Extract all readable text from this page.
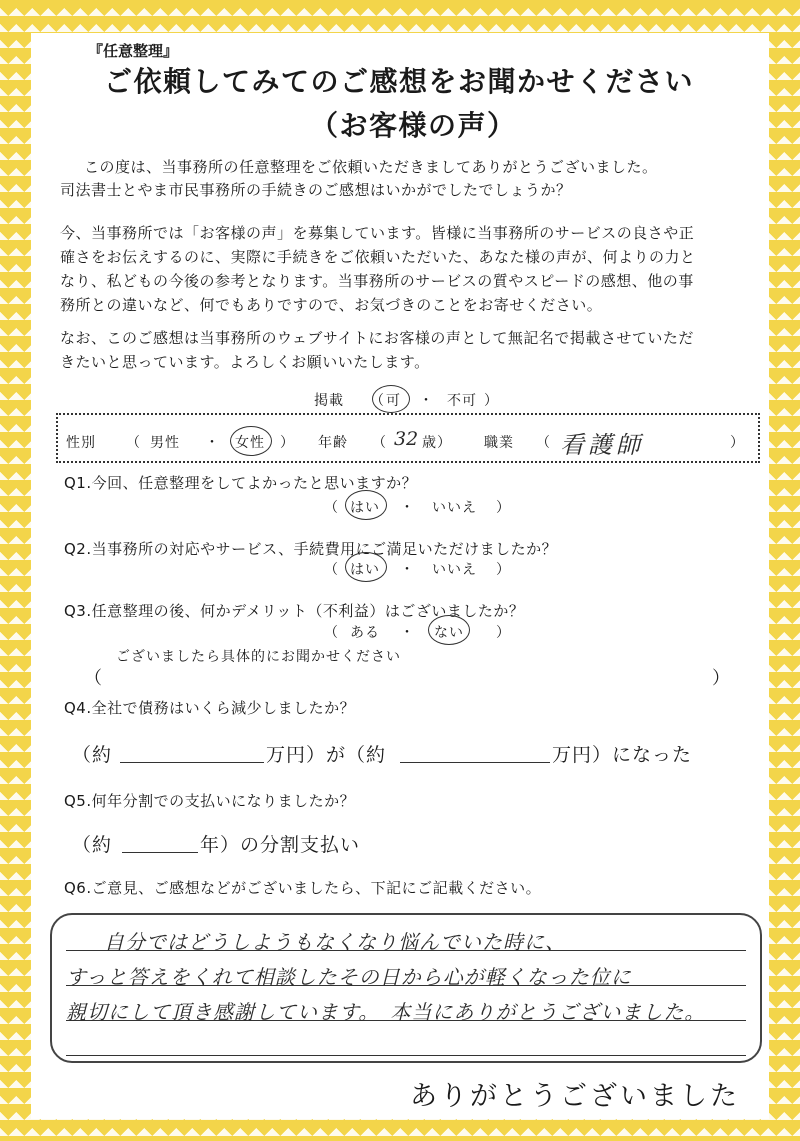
『任意整理』
ご依頼してみてのご感想をお聞かせください
（お客様の声）
この度は、当事務所の任意整理をご依頼いただきましてありがとうございました。
司法書士とやま市民事務所の手続きのご感想はいかがでしたでしょうか？
今、当事務所では「お客様の声」を募集しています。皆様に当事務所のサービスの良さや正
確さをお伝えするのに、実際に手続きをご依頼いただいた、あなた様の声が、何よりの力と
なり、私どもの今後の参考となります。当事務所のサービスの質やスピードの感想、他の事
務所との違いなど、何でもありですので、お気づきのことをお寄せください。
なお、このご感想は当事務所のウェブサイトにお客様の声として無記名で掲載させていただ
きたいと思っています。よろしくお願いいたします。
掲載 （ 可 ・ 不可 ）
性別 （ 男性 ・ 女性 ） 年齢 （ 32 歳） 職業 （ 看護師	）
Q1.今回、任意整理をしてよかったと思いますか？
（ はい ・ いいえ ）
Q2.当事務所の対応やサービス、手続費用にご満足いただけましたか？
（ はい ・ いいえ ）
Q3.任意整理の後、何かデメリット（不利益）はございましたか？
（ ある ・ ない ）
ございましたら具体的にお聞かせください
（	）
Q4.全社で債務はいくら減少しましたか？
（約	万円）が（約	万円）になった
Q5.何年分割での支払いになりましたか？
（約	年）の分割支払い
Q6.ご意見、ご感想などがございましたら、下記にご記載ください。
自分ではどうしようもなくなり悩んでいた時に、
すっと答えをくれて相談したその日から心が軽くなった位に
親切にして頂き感謝しています。　本当にありがとうございました。
ありがとうございました
